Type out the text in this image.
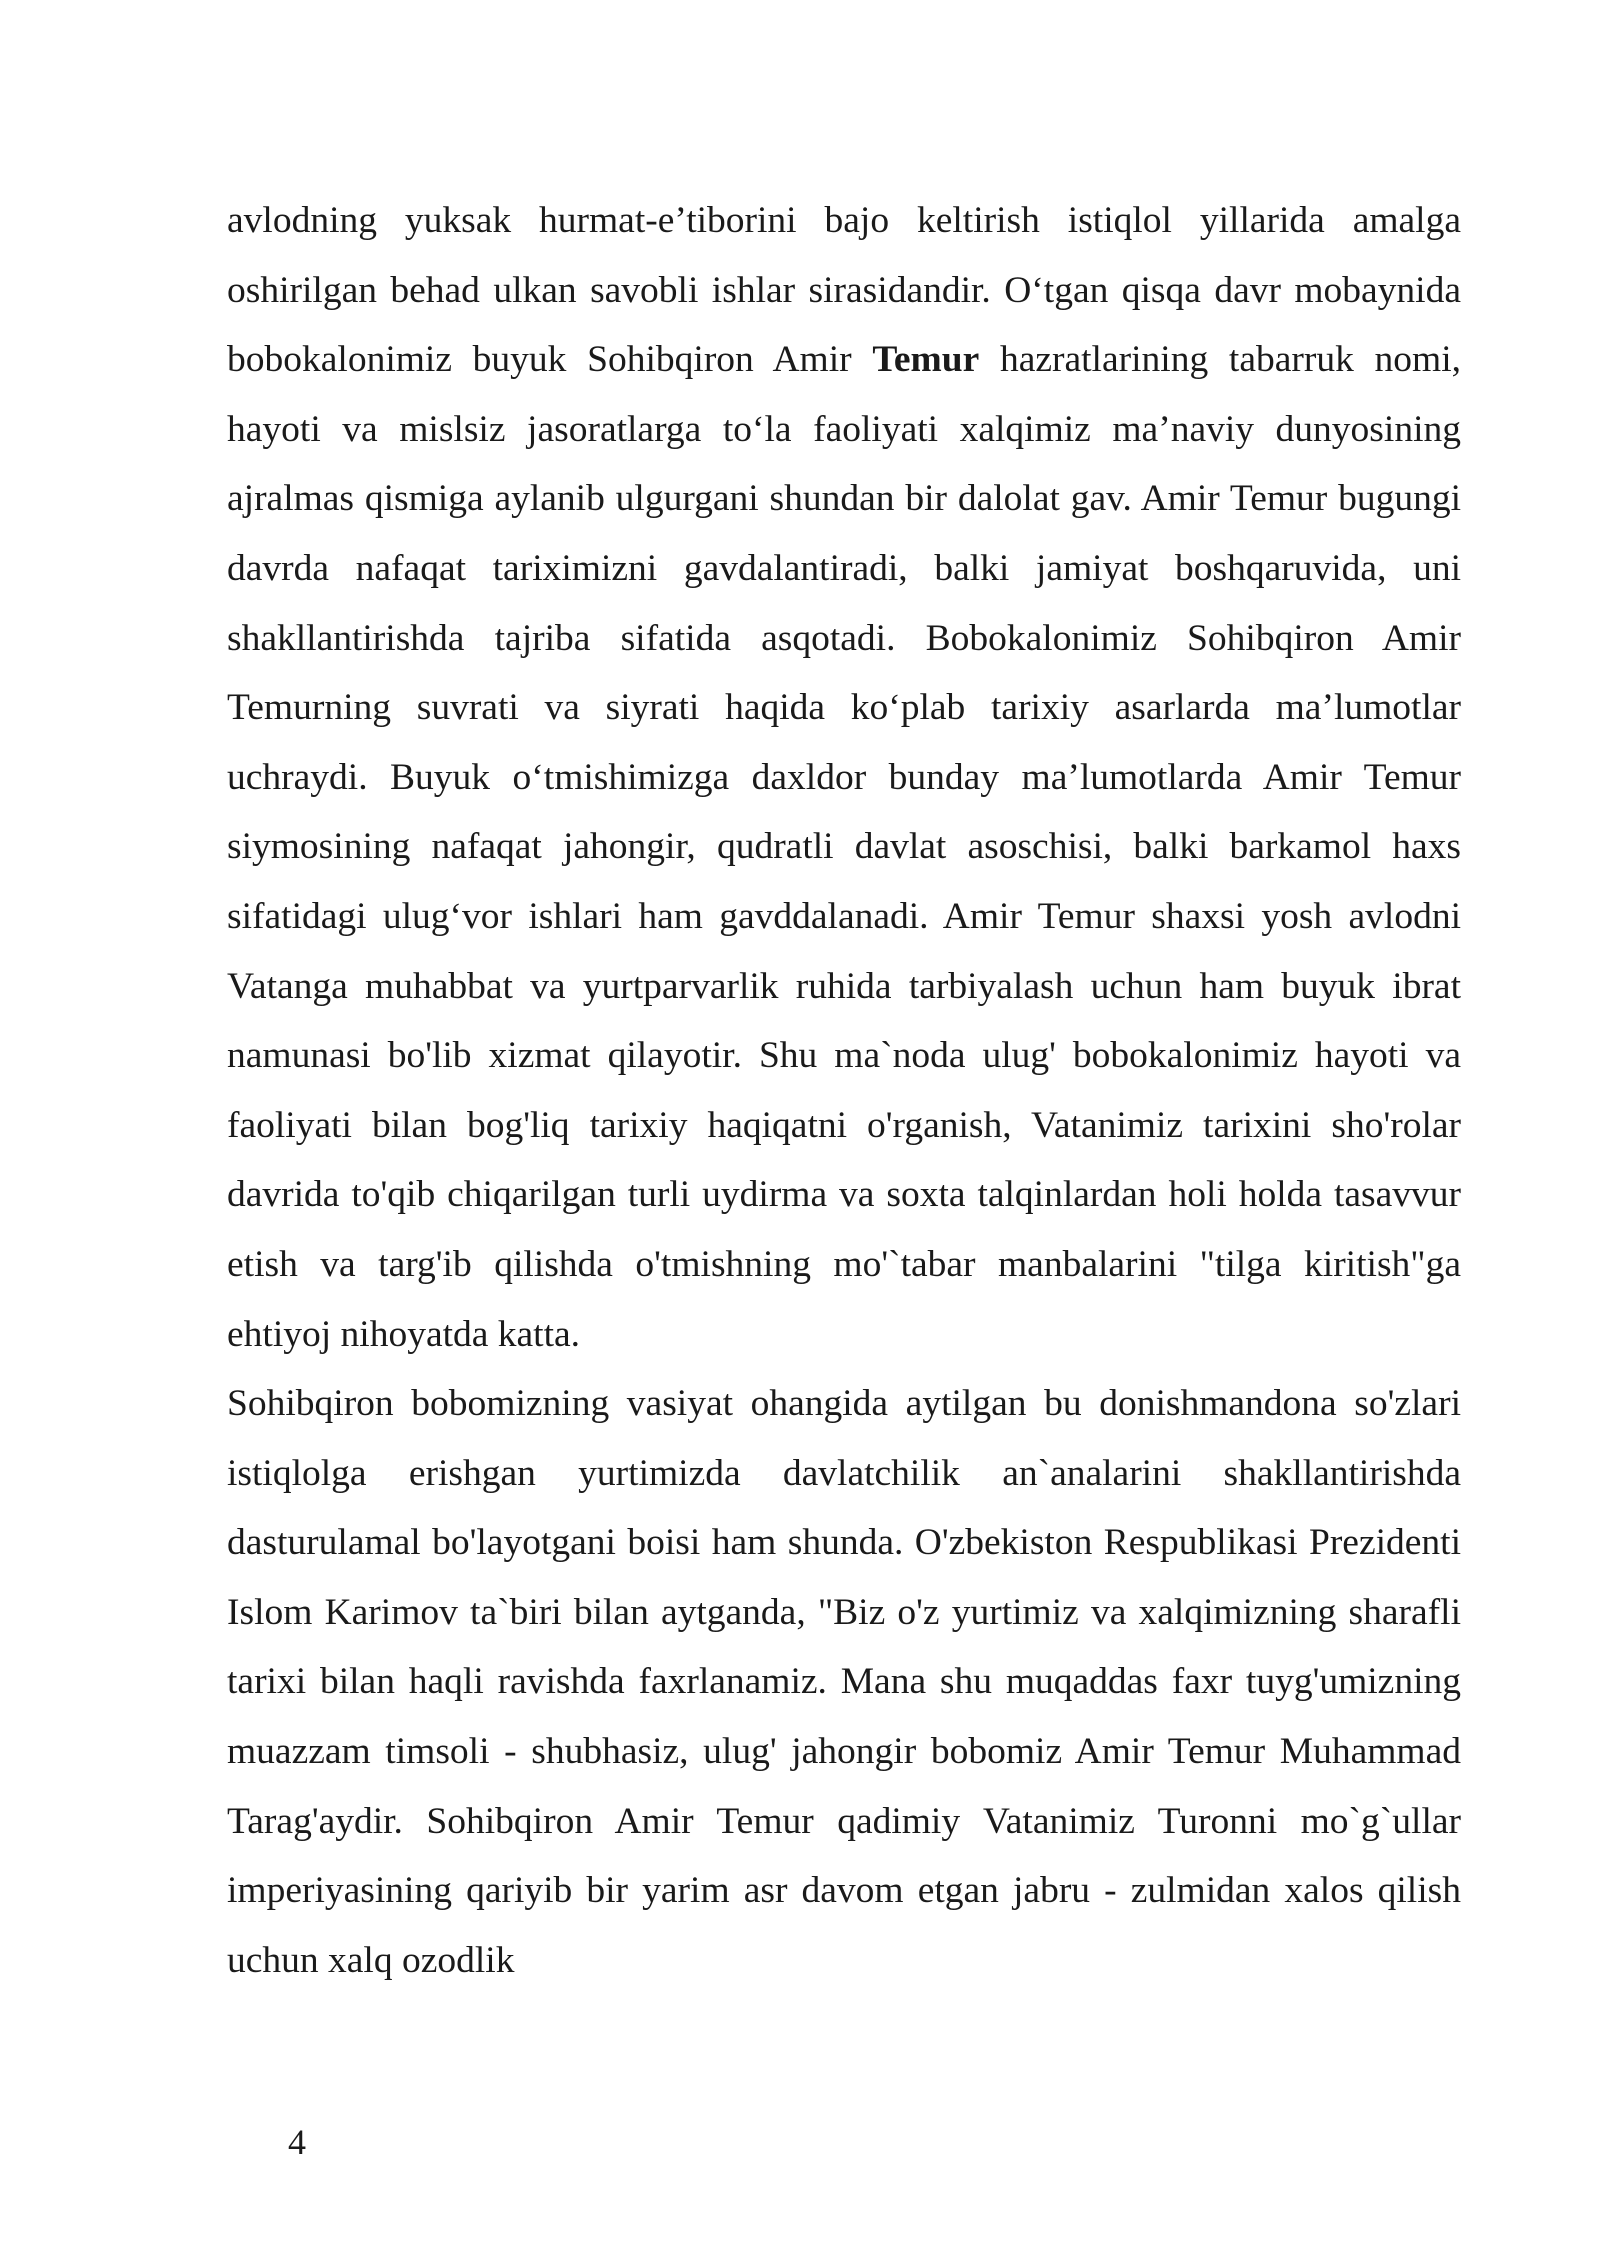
avlodning yuksak hurmat-e’tiborini bajo keltirish istiqlol yillarida amalga oshirilgan behad ulkan savobli ishlar sirasidandir. O‘tgan qisqa davr mobaynida bobokalonimiz buyuk Sohibqiron Amir Temur hazratlarining tabarruk nomi, hayoti va mislsiz jasoratlarga to‘la faoliyati xalqimiz ma’naviy dunyosining ajralmas qismiga aylanib ulgurgani shundan bir dalolat gav. Amir Temur bugungi davrda nafaqat tariximizni gavdalantiradi, balki jamiyat boshqaruvida, uni shakllantirishda tajriba sifatida asqotadi. Bobokalonimiz Sohibqiron Amir Temurning suvrati va siyrati haqida ko‘plab tarixiy asarlarda ma’lumotlar uchraydi. Buyuk o‘tmishimizga daxldor bunday ma’lumotlarda Amir Temur siymosining nafaqat jahongir, qudratli davlat asoschisi, balki barkamol haxs sifatidagi ulug‘vor ishlari ham gavddalanadi. Amir Temur shaxsi yosh avlodni Vatanga muhabbat va yurtparvarlik ruhida tarbiyalash uchun ham buyuk ibrat namunasi bo'lib xizmat qilayotir. Shu ma`noda ulug' bobokalonimiz hayoti va faoliyati bilan bog'liq tarixiy haqiqatni o'rganish, Vatanimiz tarixini sho'rolar davrida to'qib chiqarilgan turli uydirma va soxta talqinlardan holi holda tasavvur etish va targ'ib qilishda o'tmishning mo'`tabar manbalarini "tilga kiritish"ga ehtiyoj nihoyatda katta.

Sohibqiron bobomizning vasiyat ohangida aytilgan bu donishmandona so'zlari istiqlolga erishgan yurtimizda davlatchilik an`analarini shakllantirishda dasturulamal bo'layotgani boisi ham shunda. O'zbekiston Respublikasi Prezidenti Islom Karimov ta`biri bilan aytganda, "Biz o'z yurtimiz va xalqimizning sharafli tarixi bilan haqli ravishda faxrlanamiz. Mana shu muqaddas faxr tuyg'umizning muazzam timsoli - shubhasiz, ulug' jahongir bobomiz Amir Temur Muhammad Tarag'aydir. Sohibqiron Amir Temur qadimiy Vatanimiz Turonni mo`g`ullar imperiyasining qariyib bir yarim asr davom etgan jabru - zulmidan xalos qilish uchun xalq ozodlik

4
